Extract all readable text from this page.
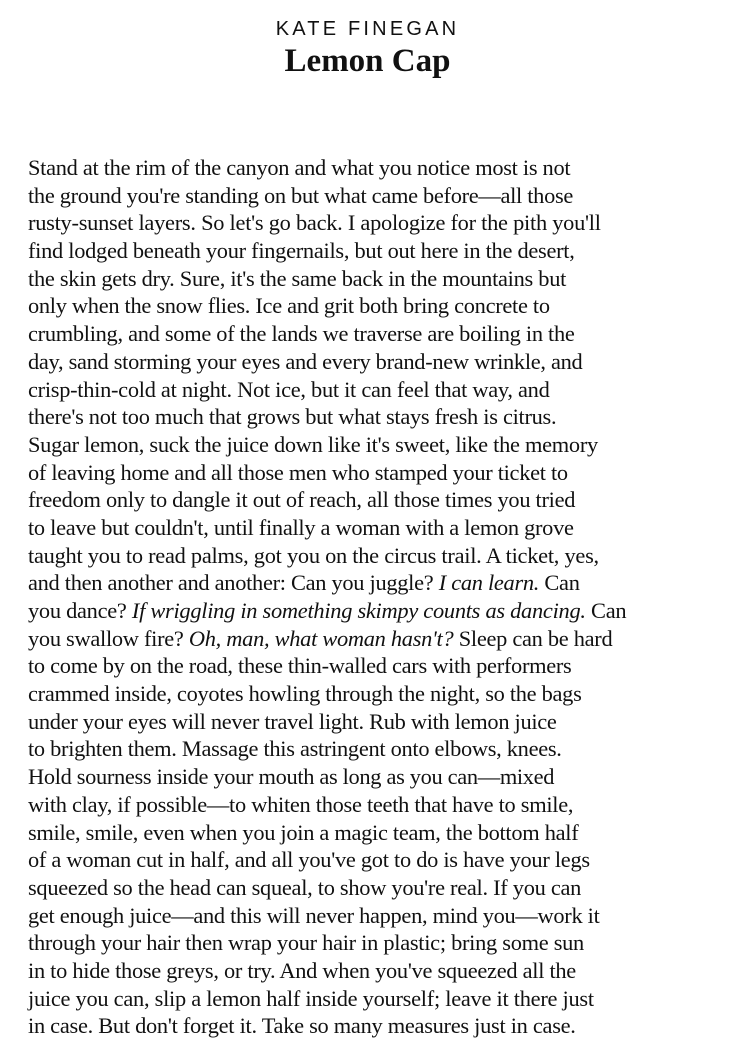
KATE FINEGAN
Lemon Cap
Stand at the rim of the canyon and what you notice most is not
the ground you're standing on but what came before—all those
rusty-sunset layers. So let's go back. I apologize for the pith you'll
find lodged beneath your fingernails, but out here in the desert,
the skin gets dry. Sure, it's the same back in the mountains but
only when the snow flies. Ice and grit both bring concrete to
crumbling, and some of the lands we traverse are boiling in the
day, sand storming your eyes and every brand-new wrinkle, and
crisp-thin-cold at night. Not ice, but it can feel that way, and
there's not too much that grows but what stays fresh is citrus.
Sugar lemon, suck the juice down like it's sweet, like the memory
of leaving home and all those men who stamped your ticket to
freedom only to dangle it out of reach, all those times you tried
to leave but couldn't, until finally a woman with a lemon grove
taught you to read palms, got you on the circus trail. A ticket, yes,
and then another and another: Can you juggle? I can learn. Can
you dance? If wriggling in something skimpy counts as dancing. Can
you swallow fire? Oh, man, what woman hasn't? Sleep can be hard
to come by on the road, these thin-walled cars with performers
crammed inside, coyotes howling through the night, so the bags
under your eyes will never travel light. Rub with lemon juice
to brighten them. Massage this astringent onto elbows, knees.
Hold sourness inside your mouth as long as you can—mixed
with clay, if possible—to whiten those teeth that have to smile,
smile, smile, even when you join a magic team, the bottom half
of a woman cut in half, and all you've got to do is have your legs
squeezed so the head can squeal, to show you're real. If you can
get enough juice—and this will never happen, mind you—work it
through your hair then wrap your hair in plastic; bring some sun
in to hide those greys, or try. And when you've squeezed all the
juice you can, slip a lemon half inside yourself; leave it there just
in case. But don't forget it. Take so many measures just in case.
